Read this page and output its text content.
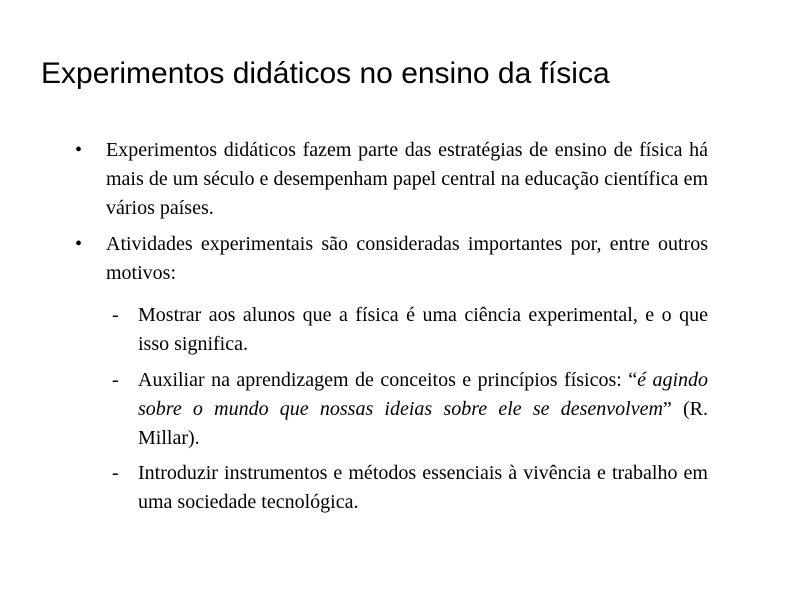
Experimentos didáticos no ensino da física
• Experimentos didáticos fazem parte das estratégias de ensino de física há mais de um século e desempenham papel central na educação científica em vários países.
• Atividades experimentais são consideradas importantes por, entre outros motivos:
- Mostrar aos alunos que a física é uma ciência experimental, e o que isso significa.
- Auxiliar na aprendizagem de conceitos e princípios físicos: “é agindo sobre o mundo que nossas ideias sobre ele se desenvolvem” (R. Millar).
- Introduzir instrumentos e métodos essenciais à vivência e trabalho em uma sociedade tecnológica.
